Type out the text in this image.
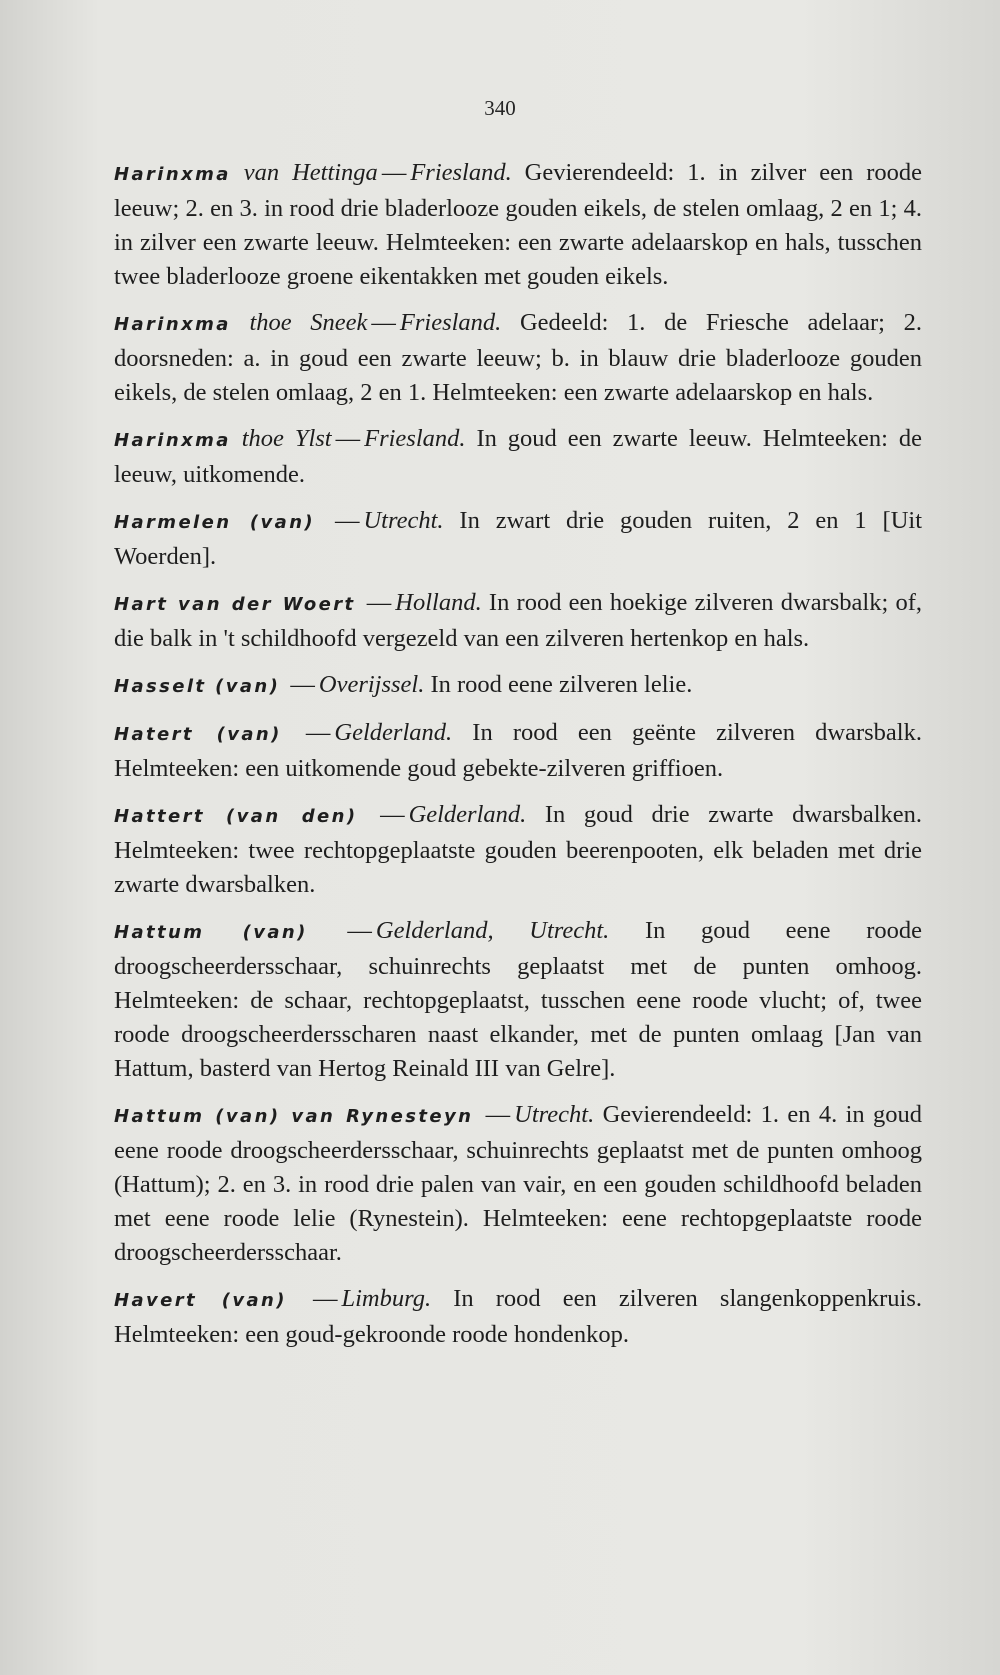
340

Harinxma van Hettinga — Friesland. Gevierendeeld: 1. in zilver een roode leeuw; 2. en 3. in rood drie bladerlooze gouden eikels, de stelen omlaag, 2 en 1; 4. in zilver een zwarte leeuw. Helmteeken: een zwarte adelaarskop en hals, tusschen twee bladerlooze groene eikentakken met gouden eikels.

Harinxma thoe Sneek — Friesland. Gedeeld: 1. de Friesche adelaar; 2. doorsneden: a. in goud een zwarte leeuw; b. in blauw drie bladerlooze gouden eikels, de stelen omlaag, 2 en 1. Helmteeken: een zwarte adelaarskop en hals.

Harinxma thoe Ylst — Friesland. In goud een zwarte leeuw. Helmteeken: de leeuw, uitkomende.

Harmelen (van) — Utrecht. In zwart drie gouden ruiten, 2 en 1 [Uit Woerden].

Hart van der Woert — Holland. In rood een hoekige zilveren dwarsbalk; of, die balk in 't schildhoofd vergezeld van een zilveren hertenkop en hals.

Hasselt (van) — Overijssel. In rood eene zilveren lelie.

Hatert (van) — Gelderland. In rood een geënte zilveren dwarsbalk. Helmteeken: een uitkomende goud gebekte-zilveren griffioen.

Hattert (van den) — Gelderland. In goud drie zwarte dwarsbalken. Helmteeken: twee rechtopgeplaatste gouden beerenpooten, elk beladen met drie zwarte dwarsbalken.

Hattum (van) — Gelderland, Utrecht. In goud eene roode droogscheerdersschaar, schuinrechts geplaatst met de punten omhoog. Helmteeken: de schaar, rechtopgeplaatst, tusschen eene roode vlucht; of, twee roode droogscheerdersscharen naast elkander, met de punten omlaag [Jan van Hattum, basterd van Hertog Reinald III van Gelre].

Hattum (van) van Rynesteyn — Utrecht. Gevierendeeld: 1. en 4. in goud eene roode droogscheerdersschaar, schuinrechts geplaatst met de punten omhoog (Hattum); 2. en 3. in rood drie palen van vair, en een gouden schildhoofd beladen met eene roode lelie (Rynestein). Helmteeken: eene rechtopgeplaatste roode droogscheerdersschaar.

Havert (van) — Limburg. In rood een zilveren slangenkoppenkruis. Helmteeken: een goud-gekroonde roode hondenkop.
